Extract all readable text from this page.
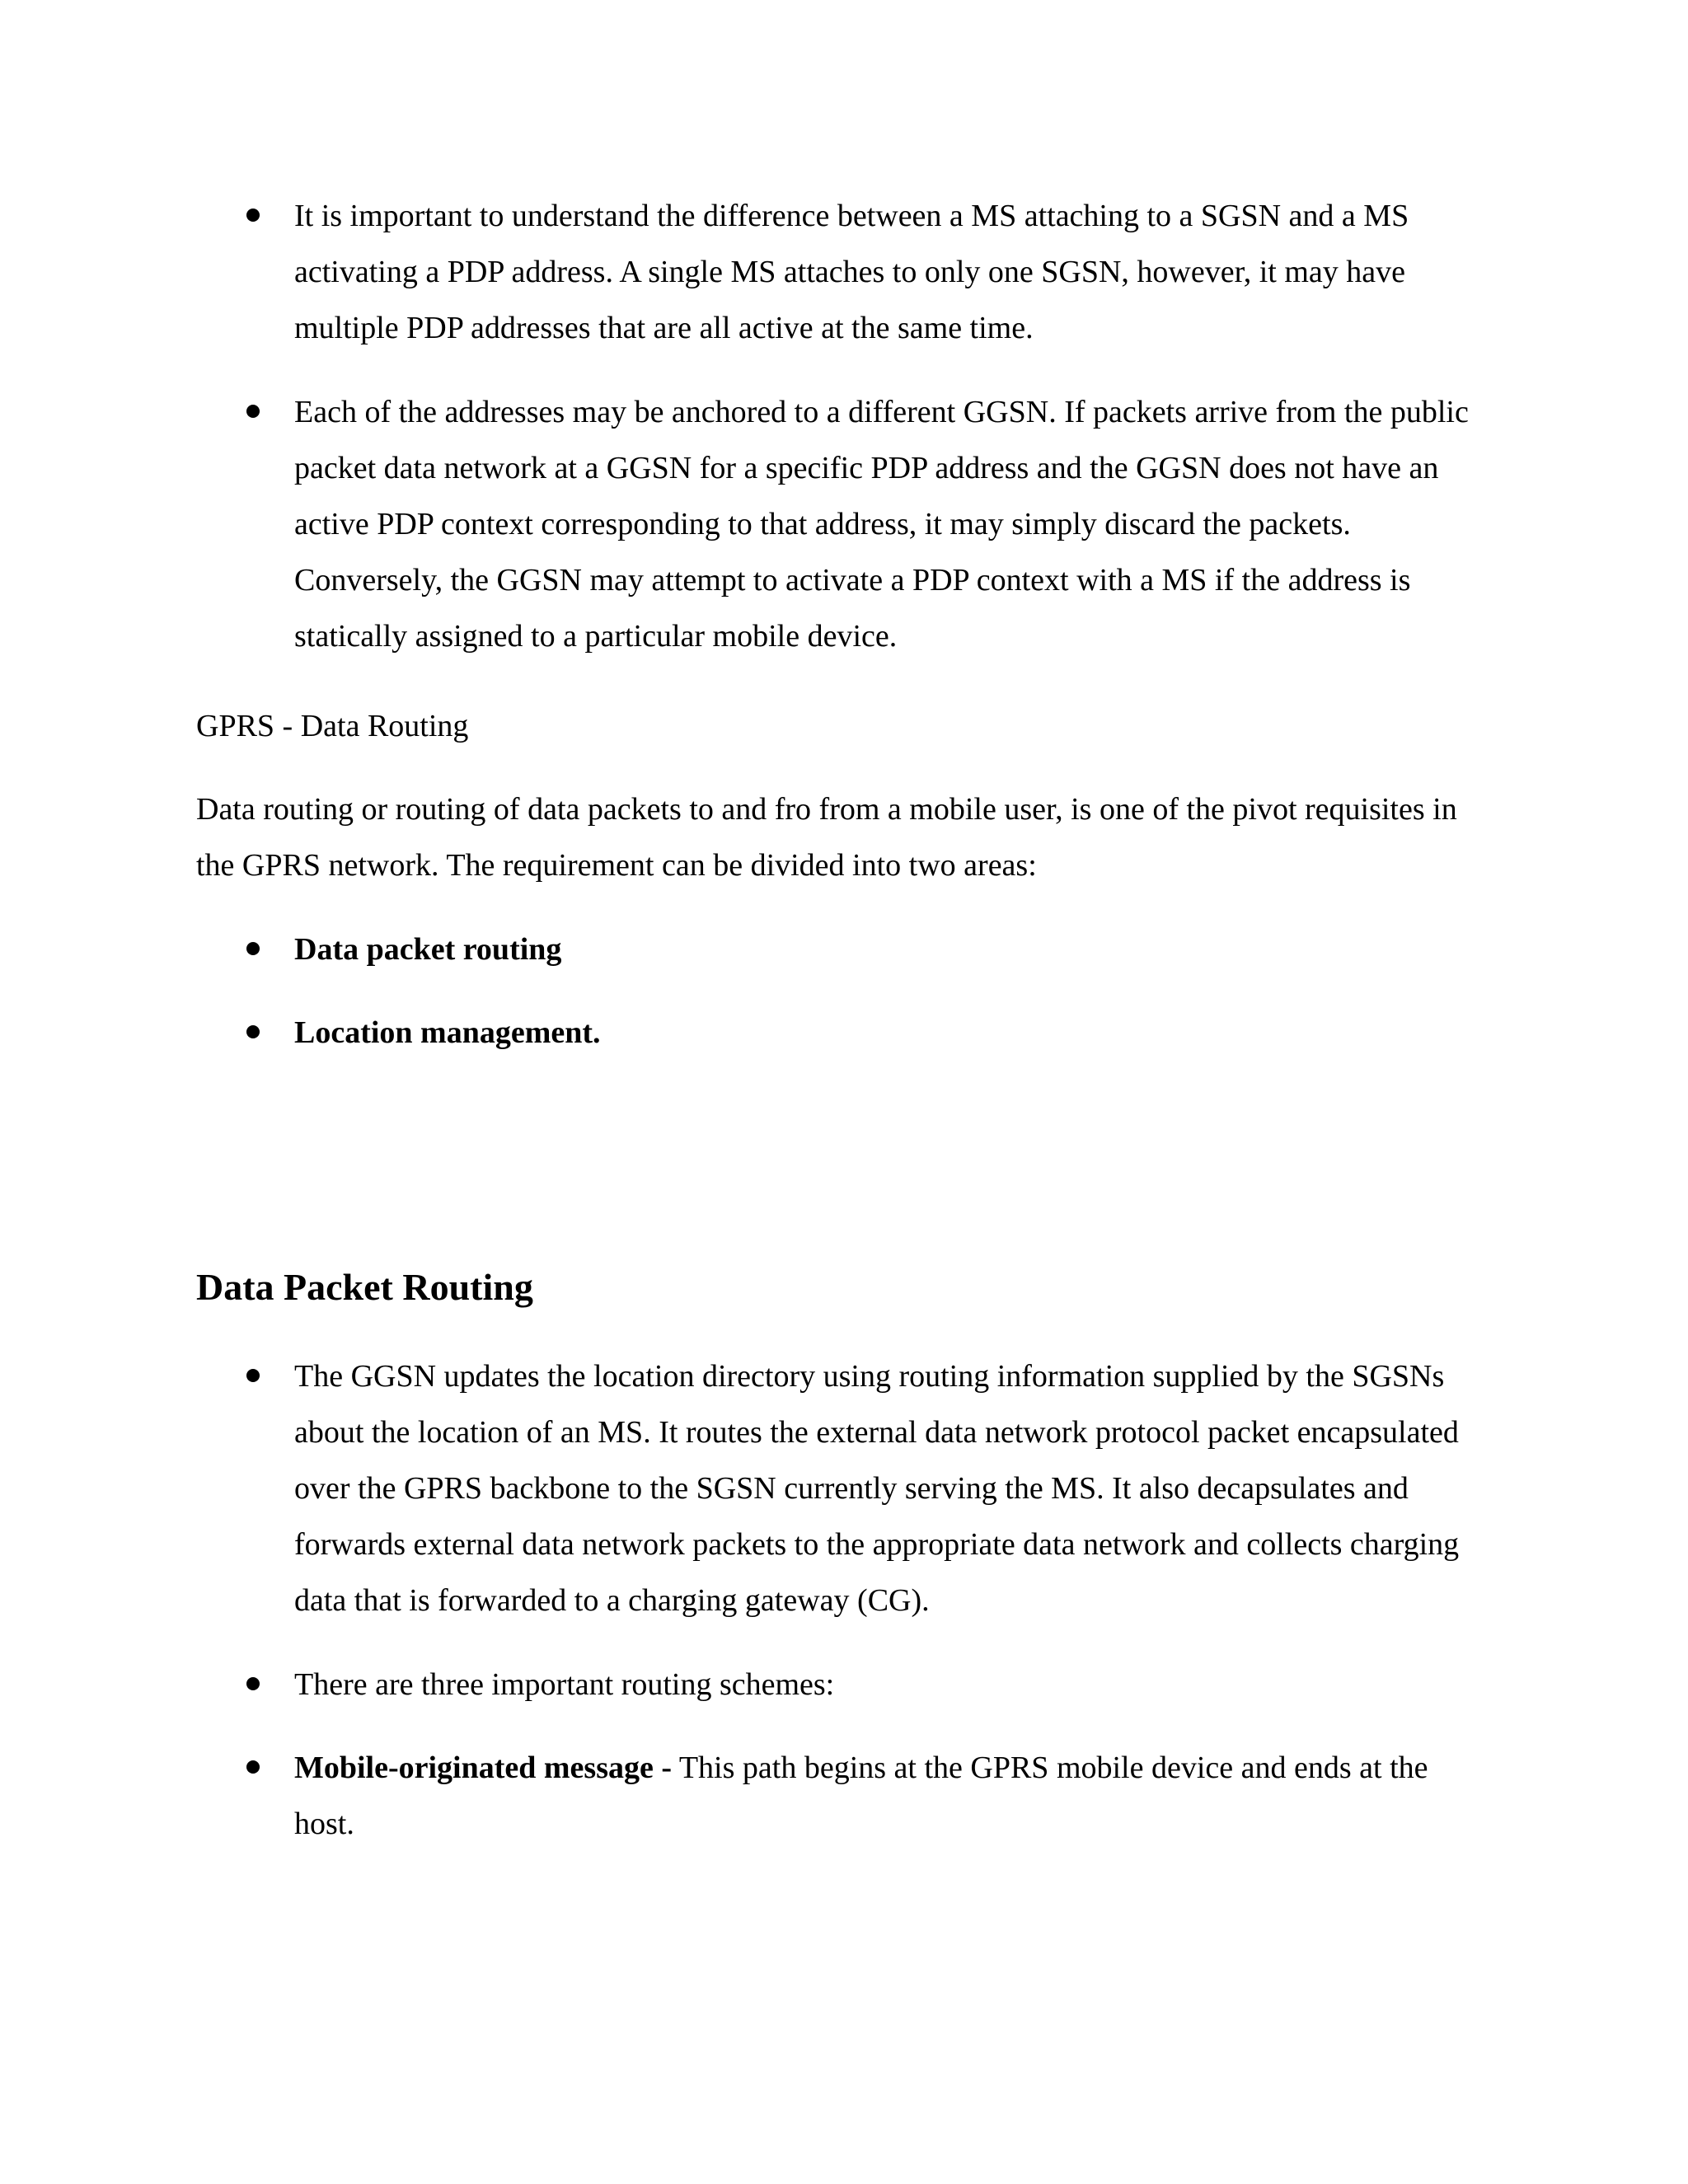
It is important to understand the difference between a MS attaching to a SGSN and a MS activating a PDP address. A single MS attaches to only one SGSN, however, it may have multiple PDP addresses that are all active at the same time.
Each of the addresses may be anchored to a different GGSN. If packets arrive from the public packet data network at a GGSN for a specific PDP address and the GGSN does not have an active PDP context corresponding to that address, it may simply discard the packets. Conversely, the GGSN may attempt to activate a PDP context with a MS if the address is statically assigned to a particular mobile device.

GPRS - Data Routing

Data routing or routing of data packets to and fro from a mobile user, is one of the pivot requisites in the GPRS network. The requirement can be divided into two areas:

Data packet routing
Location management.
Data Packet Routing
The GGSN updates the location directory using routing information supplied by the SGSNs about the location of an MS. It routes the external data network protocol packet encapsulated over the GPRS backbone to the SGSN currently serving the MS. It also decapsulates and forwards external data network packets to the appropriate data network and collects charging data that is forwarded to a charging gateway (CG).
There are three important routing schemes:
Mobile-originated message - This path begins at the GPRS mobile device and ends at the host.
